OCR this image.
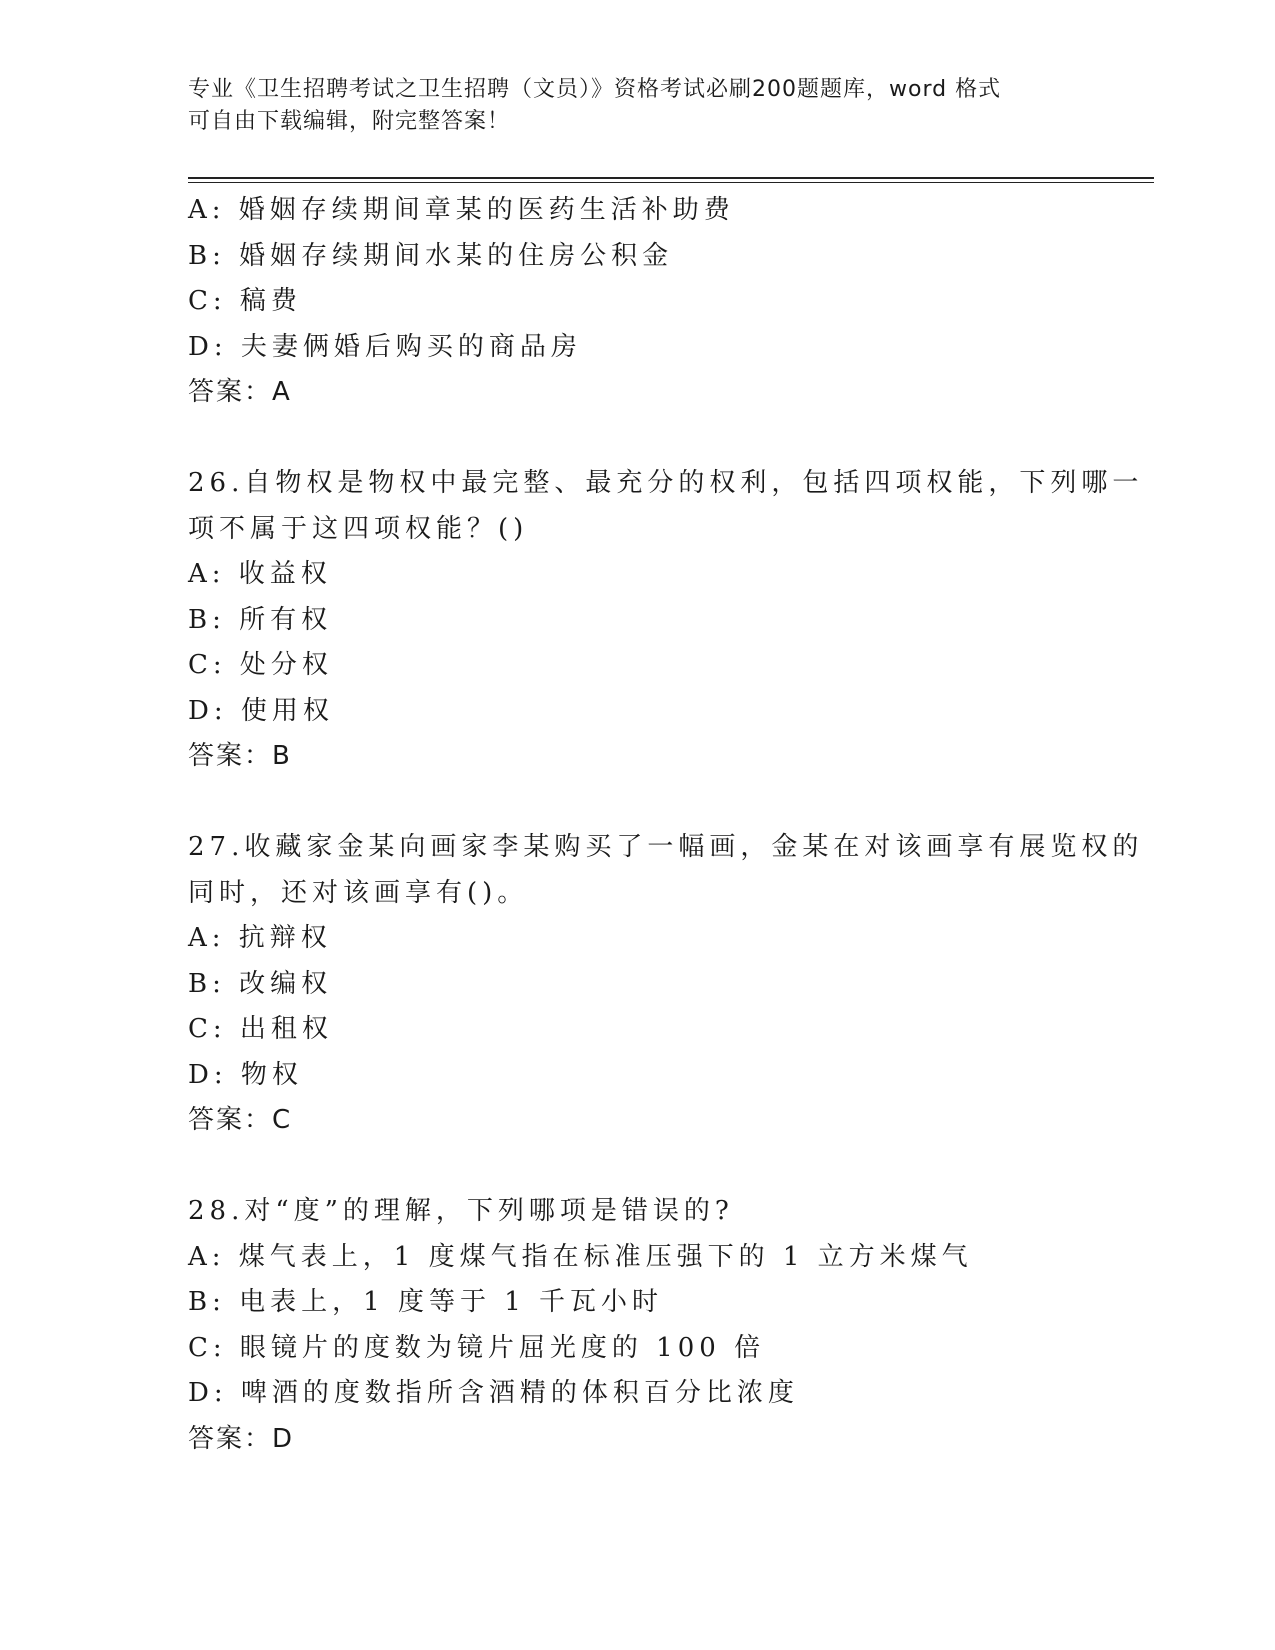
专业《卫生招聘考试之卫生招聘（文员）》资格考试必刷200题题库，word 格式
可自由下载编辑，附完整答案！
A: 婚姻存续期间章某的医药生活补助费
B: 婚姻存续期间水某的住房公积金
C: 稿费
D: 夫妻俩婚后购买的商品房
答案：A
26.自物权是物权中最完整、最充分的权利，包括四项权能，下列哪一
项不属于这四项权能？()
A: 收益权
B: 所有权
C: 处分权
D: 使用权
答案：B
27.收藏家金某向画家李某购买了一幅画，金某在对该画享有展览权的
同时，还对该画享有()。
A: 抗辩权
B: 改编权
C: 出租权
D: 物权
答案：C
28.对“度”的理解，下列哪项是错误的?
A: 煤气表上，1 度煤气指在标准压强下的 1 立方米煤气
B: 电表上，1 度等于 1 千瓦小时
C: 眼镜片的度数为镜片屈光度的 100 倍
D: 啤酒的度数指所含酒精的体积百分比浓度
答案：D
